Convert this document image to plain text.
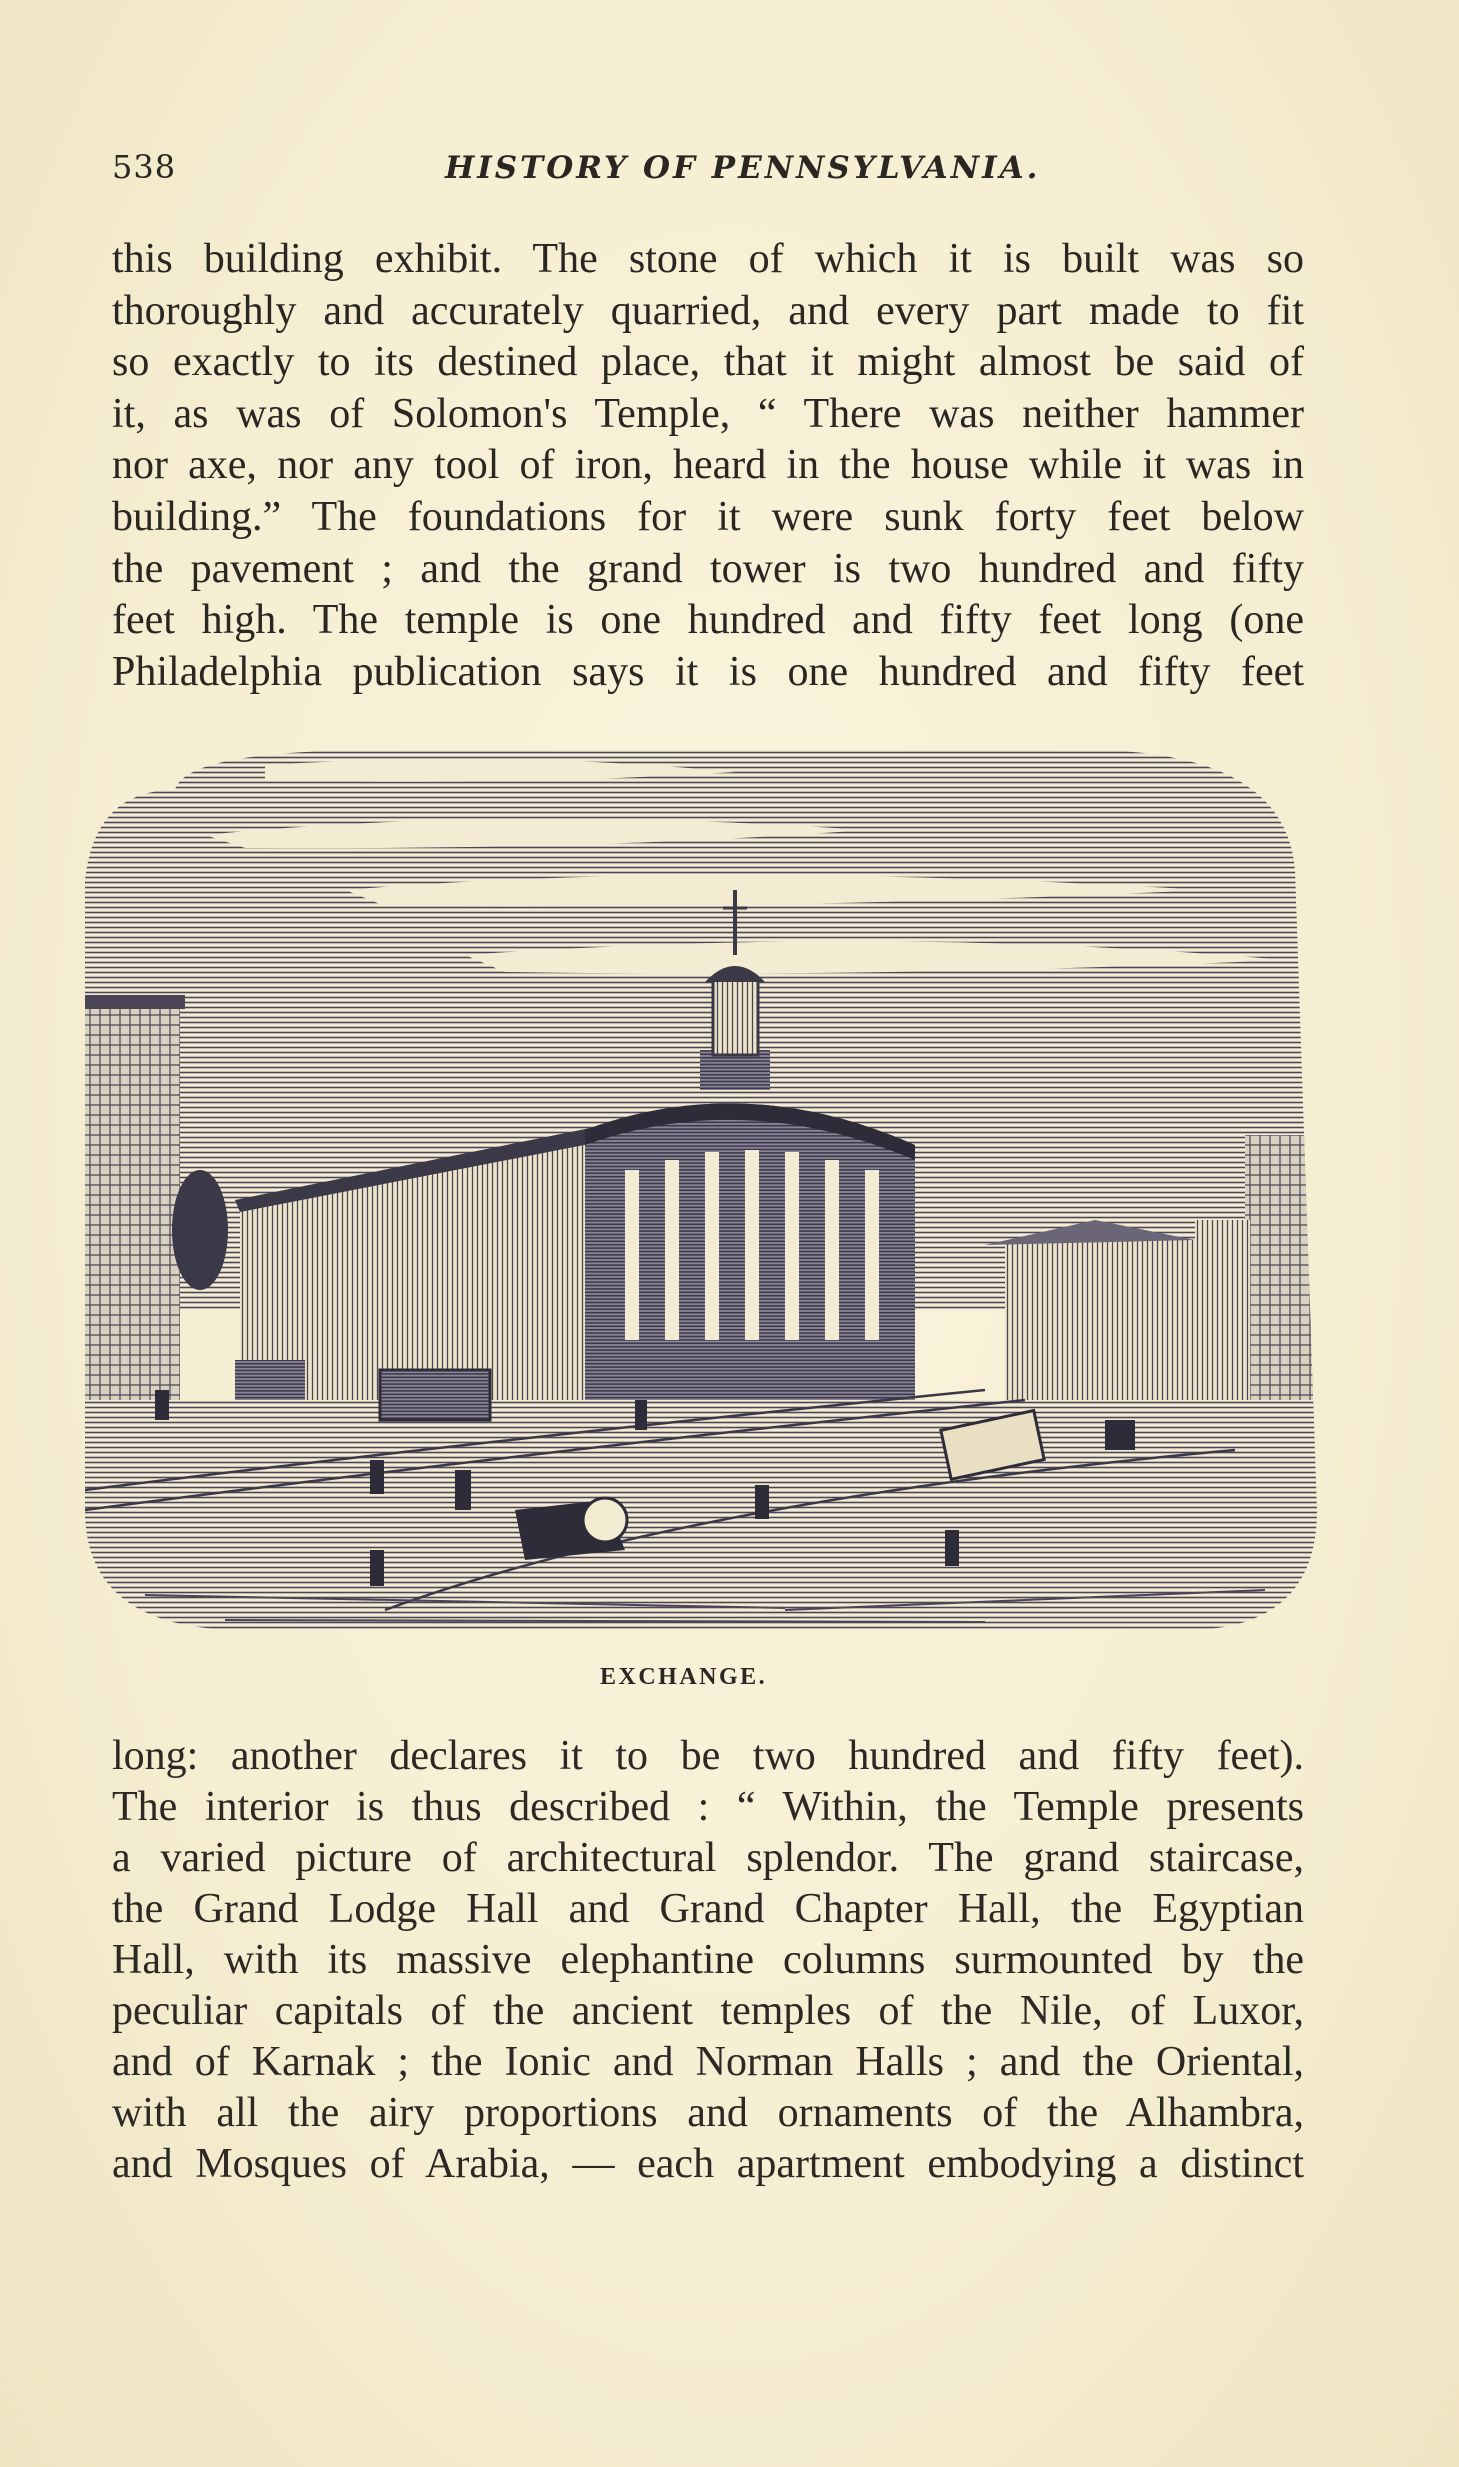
538	HISTORY OF PENNSYLVANIA.
this building exhibit. The stone of which it is built was so
thoroughly and accurately quarried, and every part made to fit
so exactly to its destined place, that it might almost be said of
it, as was of Solomon's Temple, “ There was neither hammer
nor axe, nor any tool of iron, heard in the house while it was in
building.” The foundations for it were sunk forty feet below
the pavement ; and the grand tower is two hundred and fifty
feet high. The temple is one hundred and fifty feet long (one
Philadelphia publication says it is one hundred and fifty feet
EXCHANGE.
long: another declares it to be two hundred and fifty feet).
The interior is thus described : “ Within, the Temple presents
a varied picture of architectural splendor. The grand staircase,
the Grand Lodge Hall and Grand Chapter Hall, the Egyptian
Hall, with its massive elephantine columns surmounted by the
peculiar capitals of the ancient temples of the Nile, of Luxor,
and of Karnak ; the Ionic and Norman Halls ; and the Oriental,
with all the airy proportions and ornaments of the Alhambra,
and Mosques of Arabia, — each apartment embodying a distinct
